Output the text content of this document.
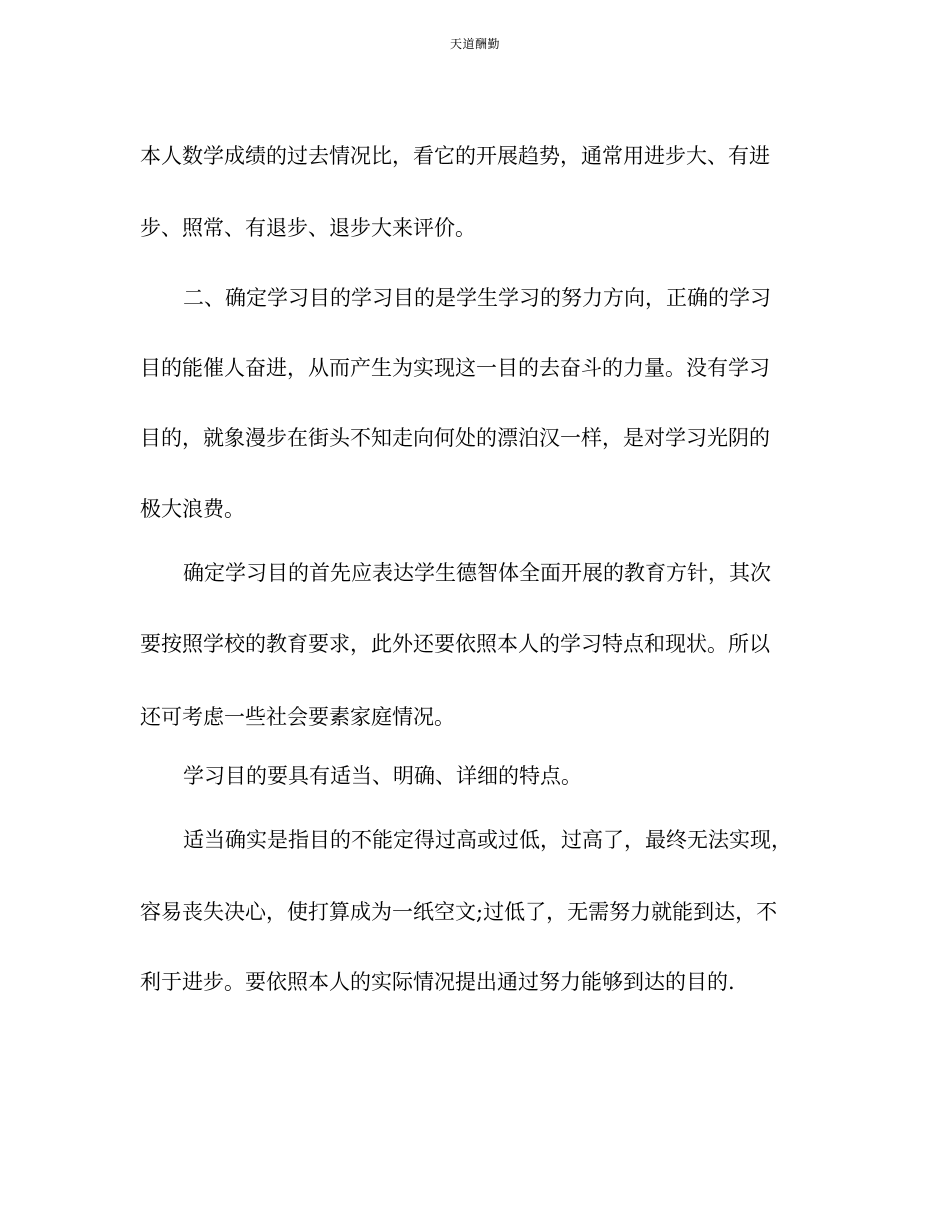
天道酬勤
本人数学成绩的过去情况比，看它的开展趋势，通常用进步大、有进
步、照常、有退步、退步大来评价。
二、确定学习目的学习目的是学生学习的努力方向，正确的学习
目的能催人奋进，从而产生为实现这一目的去奋斗的力量。没有学习
目的，就象漫步在街头不知走向何处的漂泊汉一样，是对学习光阴的
极大浪费。
确定学习目的首先应表达学生德智体全面开展的教育方针，其次
要按照学校的教育要求，此外还要依照本人的学习特点和现状。所以
还可考虑一些社会要素家庭情况。
学习目的要具有适当、明确、详细的特点。
适当确实是指目的不能定得过高或过低，过高了，最终无法实现，
容易丧失决心，使打算成为一纸空文;过低了，无需努力就能到达，不
利于进步。要依照本人的实际情况提出通过努力能够到达的目的.
